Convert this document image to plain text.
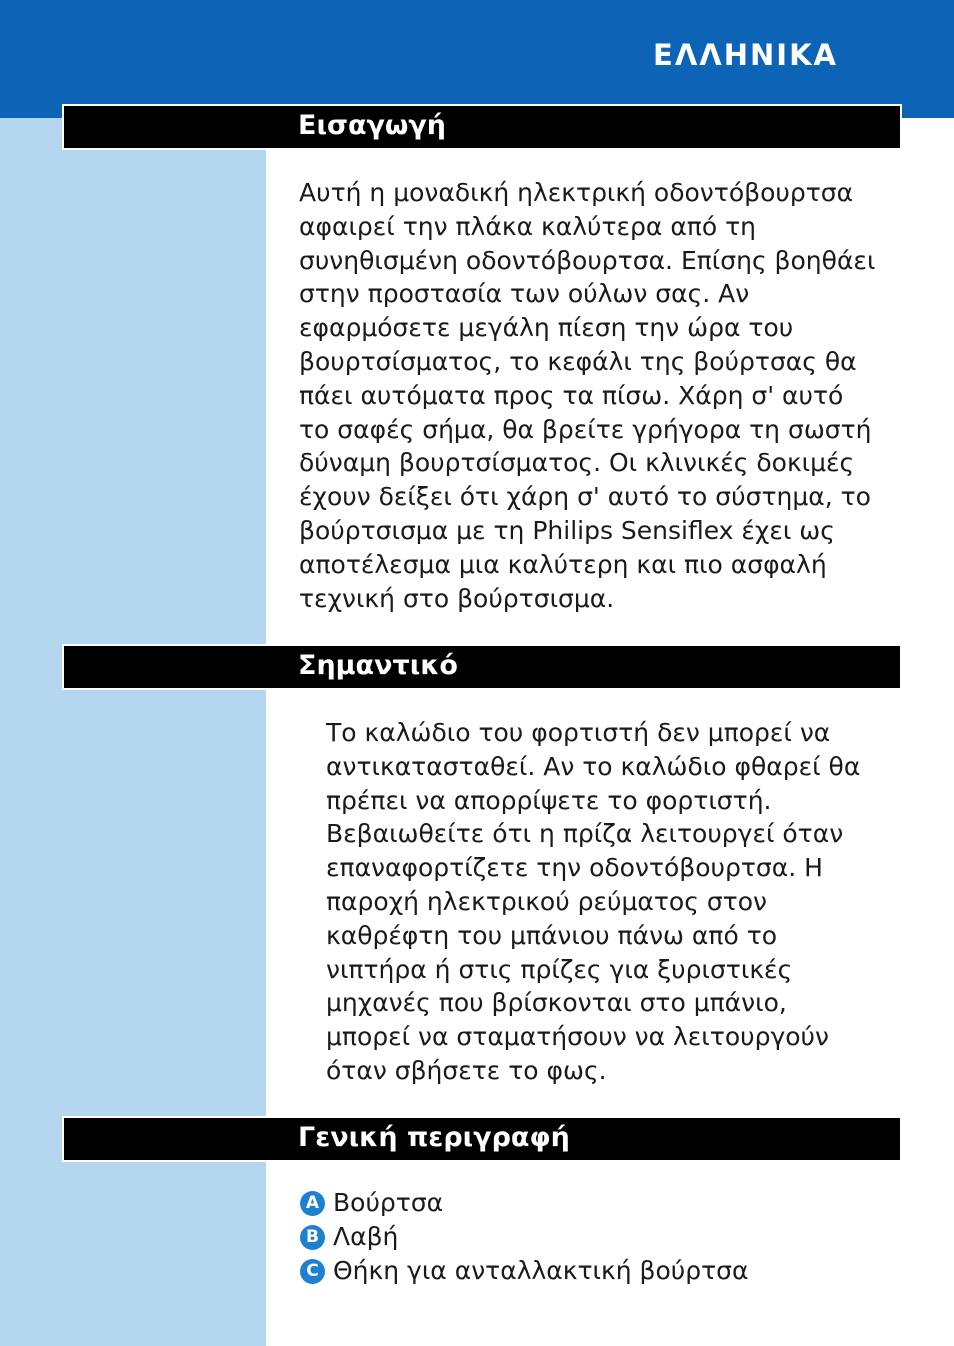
ΕΛΛΗΝΙΚΑ
Εισαγωγή
Αυτή η μοναδική ηλεκτρική οδοντόβουρτσα
αφαιρεί την πλάκα καλύτερα από τη
συνηθισμένη οδοντόβουρτσα. Επίσης βοηθάει
στην προστασία των ούλων σας. Αν
εφαρμόσετε μεγάλη πίεση την ώρα του
βουρτσίσματος, το κεφάλι της βούρτσας θα
πάει αυτόματα προς τα πίσω. Χάρη σ' αυτό
το σαφές σήμα, θα βρείτε γρήγορα τη σωστή
δύναμη βουρτσίσματος. Οι κλινικές δοκιμές
έχουν δείξει ότι χάρη σ' αυτό το σύστημα, το
βούρτσισμα με τη Philips Sensiflex έχει ως
αποτέλεσμα μια καλύτερη και πιο ασφαλή
τεχνική στο βούρτσισμα.
Σημαντικό
Το καλώδιο του φορτιστή δεν μπορεί να
αντικατασταθεί. Αν το καλώδιο φθαρεί θα
πρέπει να απορρίψετε το φορτιστή.
Βεβαιωθείτε ότι η πρίζα λειτουργεί όταν
επαναφορτίζετε την οδοντόβουρτσα. Η
παροχή ηλεκτρικού ρεύματος στον
καθρέφτη του μπάνιου πάνω από το
νιπτήρα ή στις πρίζες για ξυριστικές
μηχανές που βρίσκονται στο μπάνιο,
μπορεί να σταματήσουν να λειτουργούν
όταν σβήσετε το φως.
Γενική περιγραφή
A Βούρτσα
B Λαβή
C Θήκη για ανταλλακτική βούρτσα
